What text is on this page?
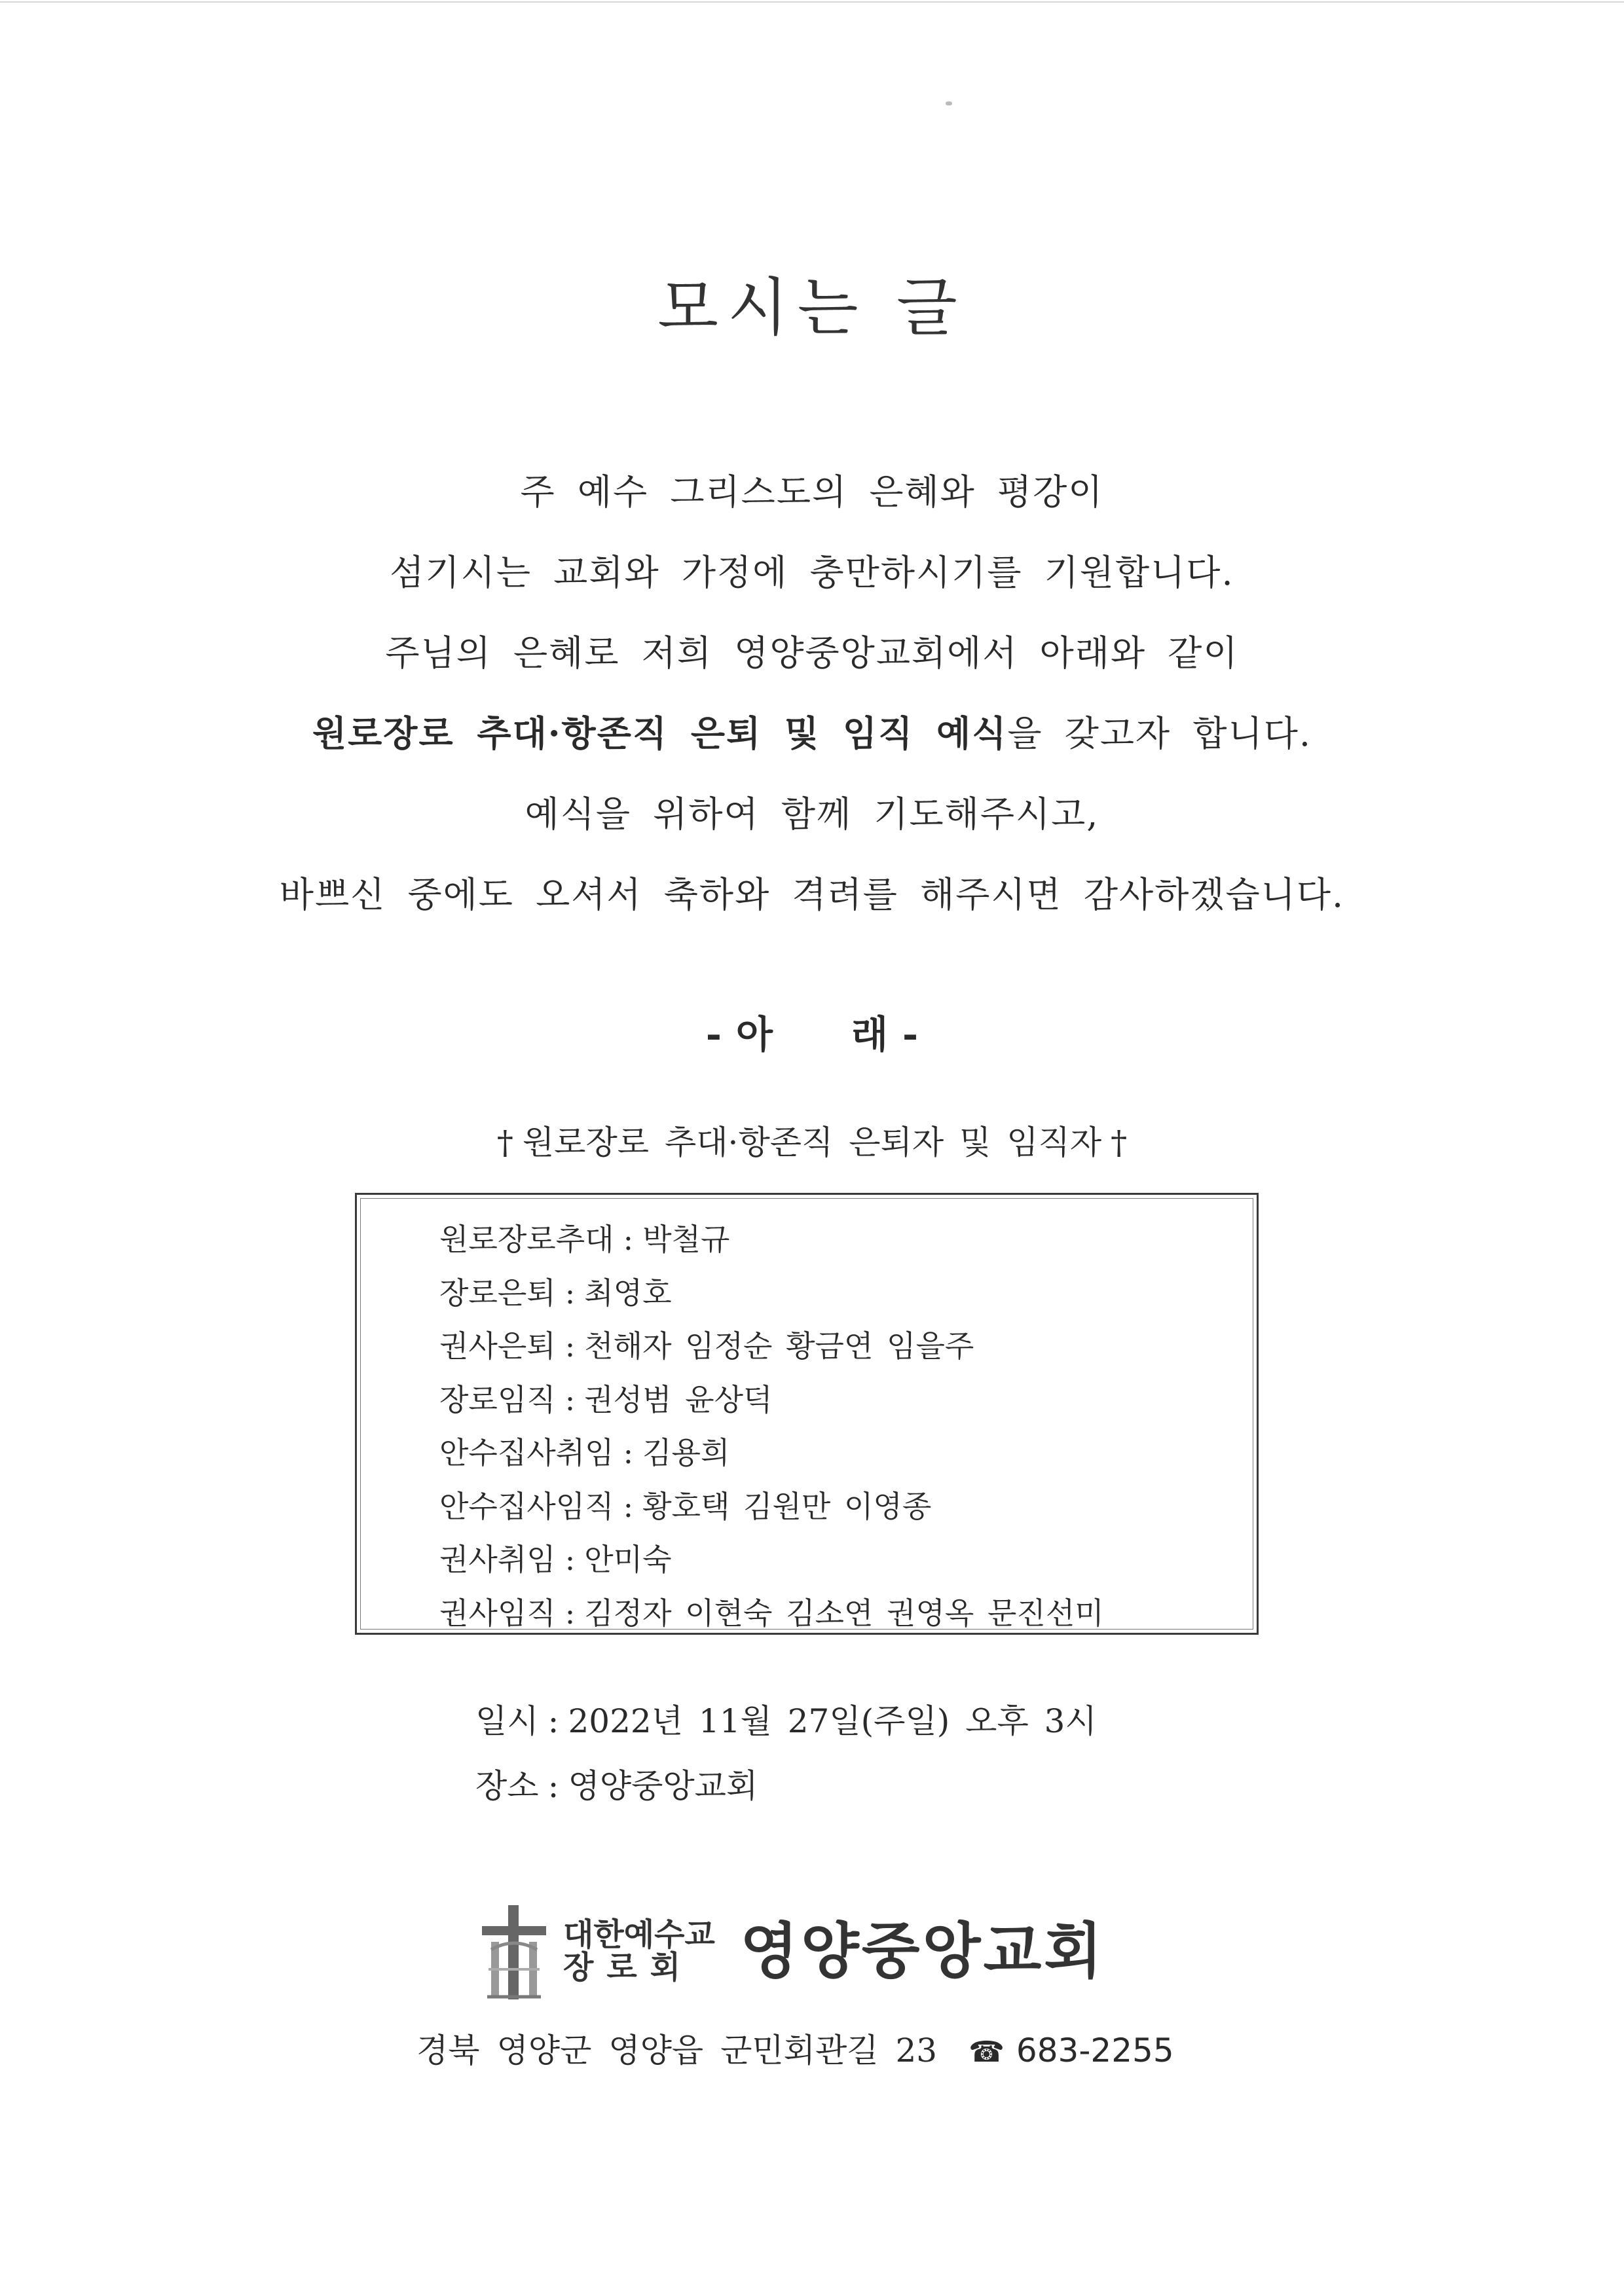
모시는 글
주 예수 그리스도의 은혜와 평강이
섬기시는 교회와 가정에 충만하시기를 기원합니다.
주님의 은혜로 저희 영양중앙교회에서 아래와 같이
원로장로 추대·항존직 은퇴 및 임직 예식을 갖고자 합니다.
예식을 위하여 함께 기도해주시고,
바쁘신 중에도 오셔서 축하와 격려를 해주시면 감사하겠습니다.
- 아 래 -
† 원로장로 추대·항존직 은퇴자 및 임직자 †
원로장로추대 : 박철규
장로은퇴 : 최영호
권사은퇴 : 천해자 임정순 황금연 임을주
장로임직 : 권성범 윤상덕
안수집사취임 : 김용희
안수집사임직 : 황호택 김원만 이영종
권사취임 : 안미숙
권사임직 : 김정자 이현숙 김소연 권영옥 문진선미
일시 : 2022년 11월 27일(주일) 오후 3시
장소 : 영양중앙교회
대한예수교
장로회 영양중앙교회
경북 영양군 영양읍 군민회관길 23 ☎ 683-2255
